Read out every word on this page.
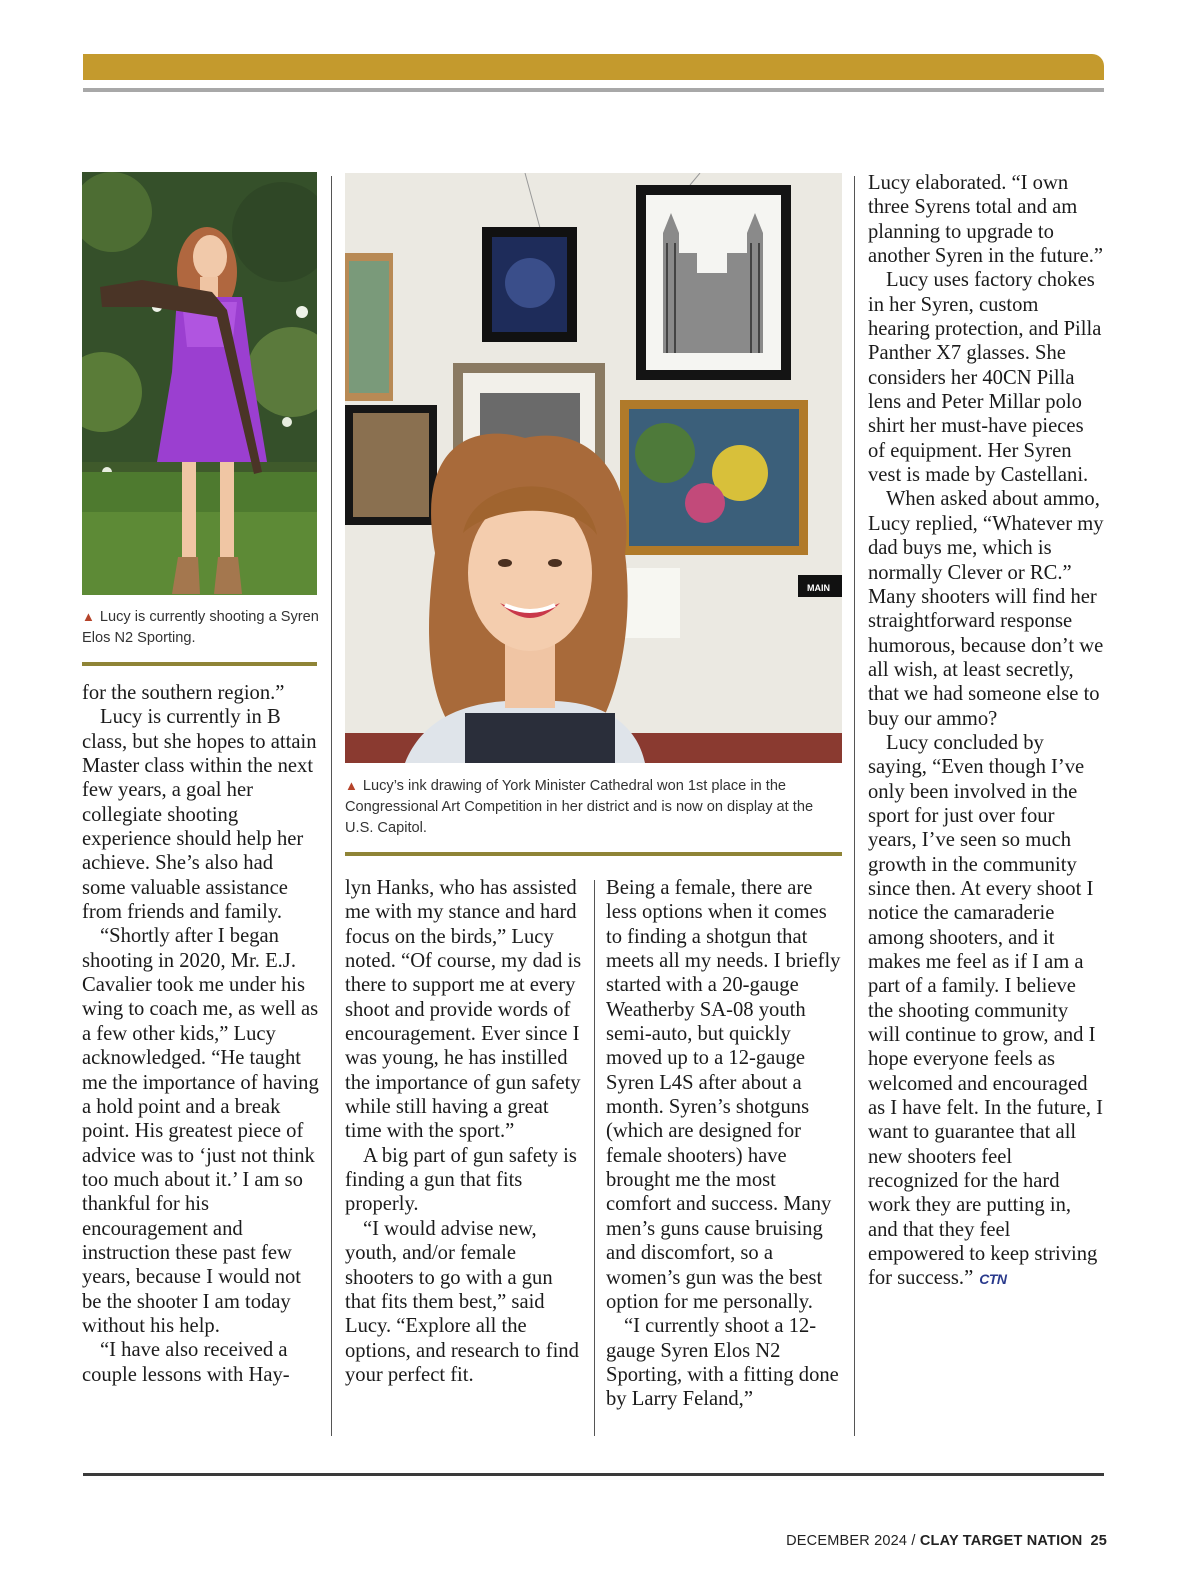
▲ Lucy is currently shooting a Syren Elos N2 Sporting.
MAIN
▲ Lucy’s ink drawing of York Minister Cathedral won 1st place in the Congressional Art Competition in her district and is now on display at the U.S. Capitol.

for the southern region.”

Lucy is currently in B class, but she hopes to attain Master class within the next few years, a goal her collegiate shooting experience should help her achieve. She’s also had some valuable assistance from friends and family.

“Shortly after I began shooting in 2020, Mr. E.J. Cavalier took me under his wing to coach me, as well as a few other kids,” Lucy acknowledged. “He taught me the importance of having a hold point and a break point. His greatest piece of advice was to ‘just not think too much about it.’ I am so thankful for his encouragement and instruction these past few years, because I would not be the shooter I am today without his help.

“I have also received a couple lessons with Hay-

lyn Hanks, who has assisted me with my stance and hard focus on the birds,” Lucy noted. “Of course, my dad is there to support me at every shoot and provide words of encouragement. Ever since I was young, he has instilled the importance of gun safety while still having a great time with the sport.”

A big part of gun safety is finding a gun that fits properly.

“I would advise new, youth, and/or female shooters to go with a gun that fits them best,” said Lucy. “Explore all the options, and research to find your perfect fit.

Being a female, there are less options when it comes to finding a shotgun that meets all my needs. I briefly started with a 20-gauge Weatherby SA-08 youth semi-auto, but quickly moved up to a 12-gauge Syren L4S after about a month. Syren’s shotguns (which are designed for female shooters) have brought me the most comfort and success. Many men’s guns cause bruising and discomfort, so a women’s gun was the best option for me personally.

“I currently shoot a 12-gauge Syren Elos N2 Sporting, with a fitting done by Larry Feland,”

Lucy elaborated. “I own three Syrens total and am planning to upgrade to another Syren in the future.”

Lucy uses factory chokes in her Syren, custom hearing protection, and Pilla Panther X7 glasses. She considers her 40CN Pilla lens and Peter Millar polo shirt her must-have pieces of equipment. Her Syren vest is made by Castellani.

When asked about ammo, Lucy replied, “Whatever my dad buys me, which is normally Clever or RC.” Many shooters will find her straightforward response humorous, because don’t we all wish, at least secretly, that we had someone else to buy our ammo?

Lucy concluded by saying, “Even though I’ve only been involved in the sport for just over four years, I’ve seen so much growth in the community since then. At every shoot I notice the camaraderie among shooters, and it makes me feel as if I am a part of a family. I believe the shooting community will continue to grow, and I hope everyone feels as welcomed and encouraged as I have felt. In the future, I want to guarantee that all new shooters feel recognized for the hard work they are putting in, and that they feel empowered to keep striving for success.” CTN

DECEMBER 2024 / CLAY TARGET NATION 25
